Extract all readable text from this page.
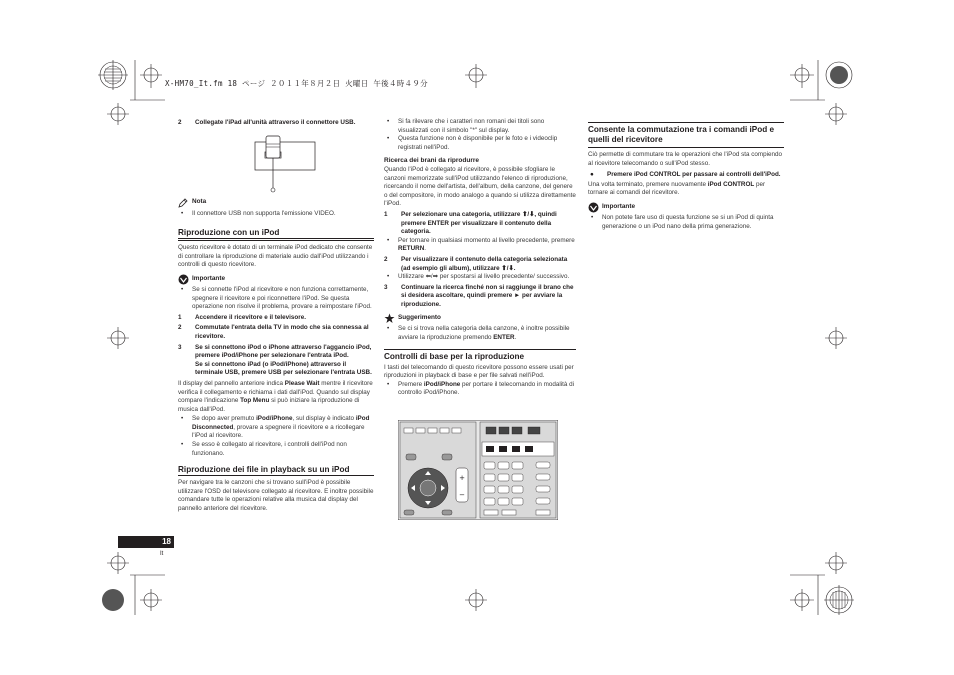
X-HM70_It.fm 18 ページ ２０１１年８月２日 火曜日 午後４時４９分
2	Collegate l'iPad all'unità attraverso il connettore USB.
Nota
•	Il connettore USB non supporta l'emissione VIDEO.
Riproduzione con un iPod

Questo ricevitore è dotato di un terminale iPod dedicato che consente di controllare la riproduzione di materiale audio dall'iPod utilizzando i controlli di questo ricevitore.

Importante
•	Se si connette l'iPod al ricevitore e non funziona correttamente, spegnere il ricevitore e poi riconnettere l'iPod. Se questa operazione non risolve il problema, provare a reimpostare l'iPod.
1	Accendere il ricevitore e il televisore.
2	Commutate l'entrata della TV in modo che sia connessa al ricevitore.
3	Se si connettono iPod o iPhone attraverso l'aggancio iPod, premere iPod/iPhone per selezionare l'entrata iPod.
Se si connettono iPad (o iPod/iPhone) attraverso il terminale USB, premere USB per selezionare l'entrata USB.

Il display del pannello anteriore indica Please Wait mentre il ricevitore verifica il collegamento e richiama i dati dall'iPod. Quando sul display compare l'indicazione Top Menu si può iniziare la riproduzione di musica dall'iPod.

•	Se dopo aver premuto iPod/iPhone, sul display è indicato iPod Disconnected, provare a spegnere il ricevitore e a ricollegare l'iPod al ricevitore.
•	Se esso è collegato al ricevitore, i controlli dell'iPod non funzionano.
Riproduzione dei file in playback su un iPod

Per navigare tra le canzoni che si trovano sull'iPod è possibile utilizzare l'OSD del televisore collegato al ricevitore. E inoltre possibile comandare tutte le operazioni relative alla musica dal display del pannello anteriore del ricevitore.

•	Si fa rilevare che i caratteri non romani dei titoli sono visualizzati con il simbolo "*" sul display.
•	Questa funzione non è disponibile per le foto e i videoclip registrati nell'iPod.
Ricerca dei brani da riprodurre

Quando l'iPod è collegato al ricevitore, è possibile sfogliare le canzoni memorizzate sull'iPod utilizzando l'elenco di riproduzione, ricercando il nome dell'artista, dell'album, della canzone, del genere o del compositore, in modo analogo a quando si utilizza direttamente l'iPod.

1	Per selezionare una categoria, utilizzare ⬆/⬇, quindi premere ENTER per visualizzare il contenuto della categoria.
•	Per tornare in qualsiasi momento al livello precedente, premere RETURN.
2	Per visualizzare il contenuto della categoria selezionata (ad esempio gli album), utilizzare ⬆/⬇.
•	Utilizzare ⬅/➡ per spostarsi al livello precedente/ successivo.
3	Continuare la ricerca finché non si raggiunge il brano che si desidera ascoltare, quindi premere ► per avviare la riproduzione.
Suggerimento
•	Se ci si trova nella categoria della canzone, è inoltre possibile avviare la riproduzione premendo ENTER.
Controlli di base per la riproduzione

I tasti del telecomando di questo ricevitore possono essere usati per riproduzioni in playback di base e per file salvati nell'iPod.

•	Premere iPod/iPhone per portare il telecomando in modalità di controllo iPod/iPhone.
+
−
Consente la commutazione tra i comandi iPod e quelli del ricevitore

Ciò permette di commutare tra le operazioni che l'iPod sta compiendo al ricevitore telecomando o sull'iPod stesso.

●	Premere iPod CONTROL per passare ai controlli dell'iPod.

Una volta terminato, premere nuovamente iPod CONTROL per tornare ai comandi del ricevitore.

Importante
•	Non potete fare uso di questa funzione se si un iPod di quinta generazione o un iPod nano della prima generazione.
18
It
